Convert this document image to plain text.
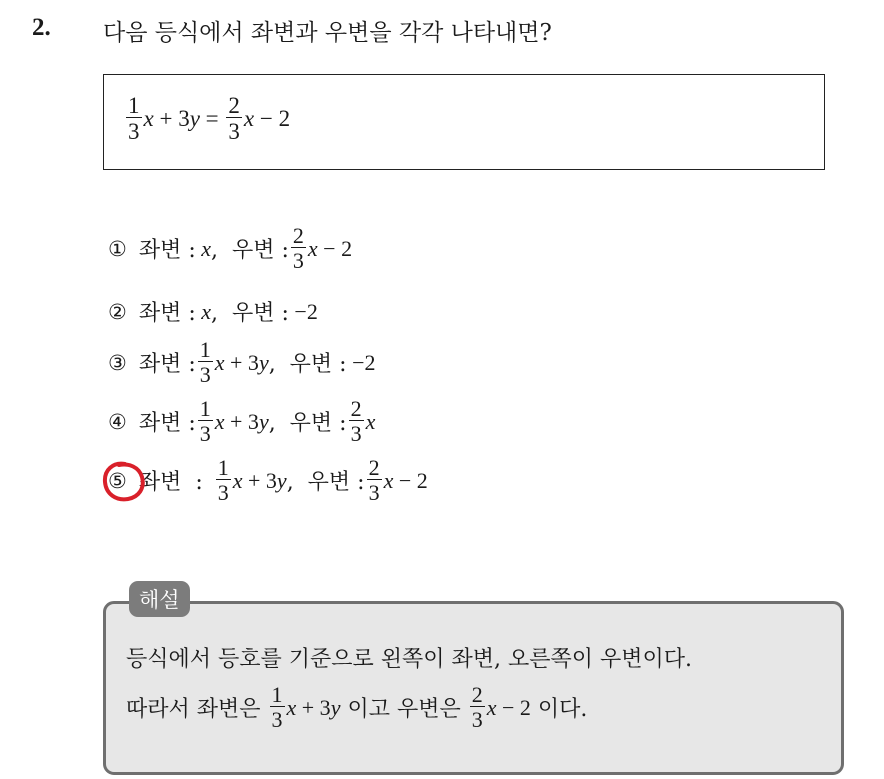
2. 다음 등식에서 좌변과 우변을 각각 나타내면?
$\frac{1}{3}$ x + 3 $y = \frac{2}{3}$ x − 2
① 좌변 :
x ,  우변 : $\frac{2}{3}$ x − 2
② 좌변 :
x ,  우변 : −2
③ 좌변 : $\frac{1}{3}$ x + 3 y ,  우변 : −2
④ 좌변 : $\frac{1}{3}$ x + 3 y ,  우변 : $\frac{2}{3}$ x
⑤ 좌변  :
$\frac{1}{3}$ x + 3 y ,  우변 : $\frac{2}{3}$ x − 2
해설
등식에서 등호를 기준으로 왼쪽이 좌변, 오른쪽이 우변이다.
따라서 좌변은 $\frac{1}{3}$ x + 3 y 이고 우변은 $\frac{2}{3}$ x − 2 이다.
